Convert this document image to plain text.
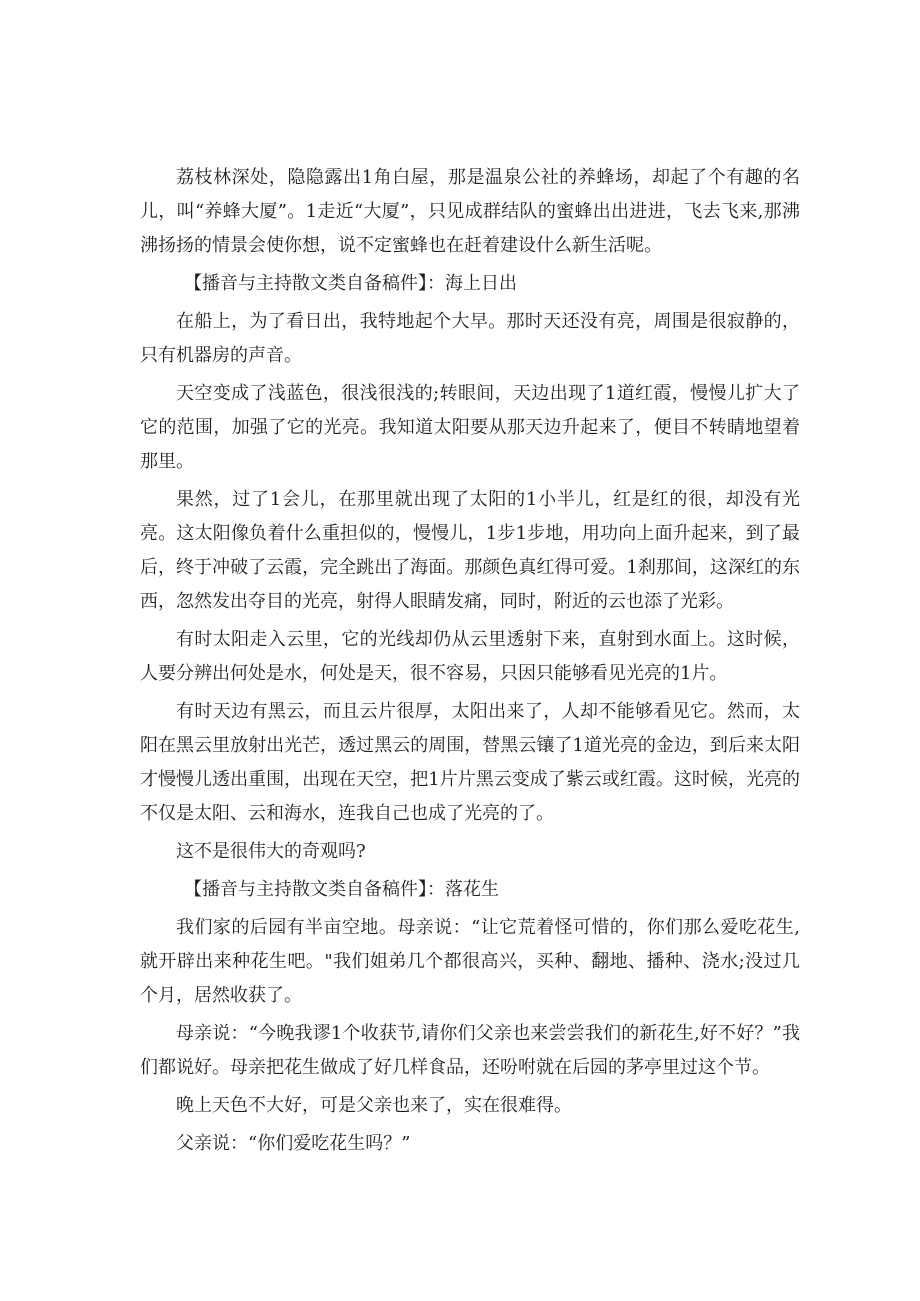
荔枝林深处，隐隐露出1角白屋，那是温泉公社的养蜂场，却起了个有趣的名儿，叫“养蜂大厦”。1走近“大厦”，只见成群结队的蜜蜂出出进进，飞去飞来,那沸沸扬扬的情景会使你想，说不定蜜蜂也在赶着建设什么新生活呢。

【播音与主持散文类自备稿件】：海上日出

在船上，为了看日出，我特地起个大早。那时天还没有亮，周围是很寂静的，只有机器房的声音。

天空变成了浅蓝色，很浅很浅的;转眼间，天边出现了1道红霞，慢慢儿扩大了它的范围，加强了它的光亮。我知道太阳要从那天边升起来了，便目不转睛地望着那里。

果然，过了1会儿，在那里就出现了太阳的1小半儿，红是红的很，却没有光亮。这太阳像负着什么重担似的，慢慢儿，1步1步地，用功向上面升起来，到了最后，终于冲破了云霞，完全跳出了海面。那颜色真红得可爱。1刹那间，这深红的东西，忽然发出夺目的光亮，射得人眼睛发痛，同时，附近的云也添了光彩。

有时太阳走入云里，它的光线却仍从云里透射下来，直射到水面上。这时候，人要分辨出何处是水，何处是天，很不容易，只因只能够看见光亮的1片。

有时天边有黑云，而且云片很厚，太阳出来了，人却不能够看见它。然而，太阳在黑云里放射出光芒，透过黑云的周围，替黑云镶了1道光亮的金边，到后来太阳才慢慢儿透出重围，出现在天空，把1片片黑云变成了紫云或红霞。这时候，光亮的不仅是太阳、云和海水，连我自己也成了光亮的了。

这不是很伟大的奇观吗?

【播音与主持散文类自备稿件】：落花生

我们家的后园有半亩空地。母亲说：“让它荒着怪可惜的，你们那么爱吃花生,就开辟出来种花生吧。"我们姐弟几个都很高兴，买种、翻地、播种、浇水;没过几个月，居然收获了。

母亲说：“今晚我谬1个收获节,请你们父亲也来尝尝我们的新花生,好不好？”我们都说好。母亲把花生做成了好几样食品，还吩咐就在后园的茅亭里过这个节。

晚上天色不大好，可是父亲也来了，实在很难得。

父亲说：“你们爱吃花生吗？”
